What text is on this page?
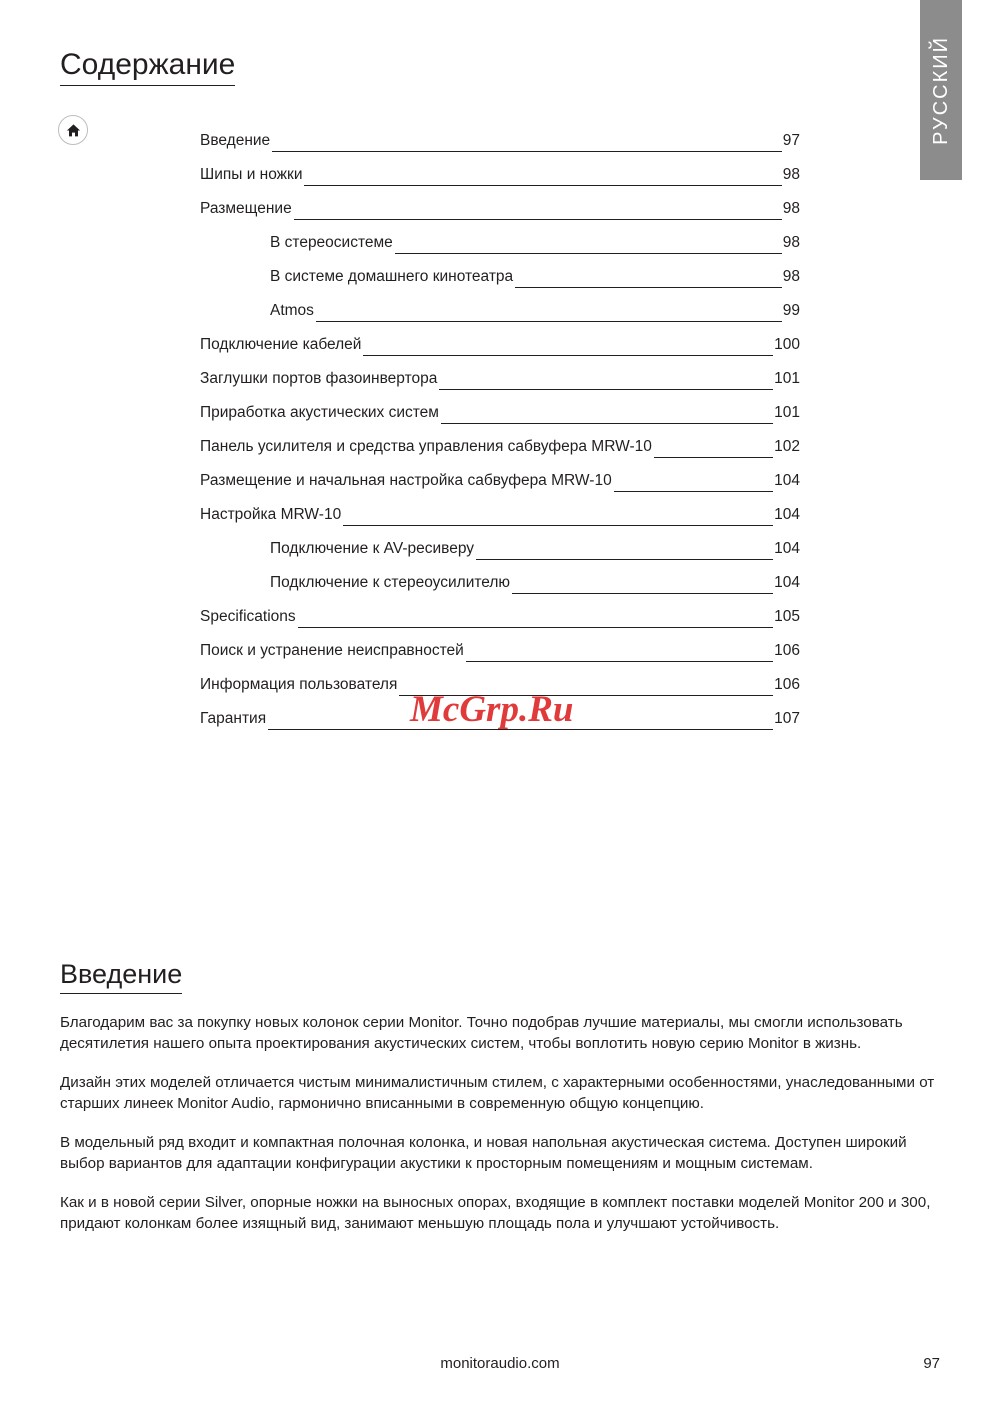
РУССКИЙ
Содержание
Введение	97
Шипы и ножки	98
Размещение	98
В стереосистеме	98
В системе домашнего кинотеатра	98
Atmos	99
Подключение кабелей	100
Заглушки портов фазоинвертора	101
Приработка акустических систем	101
Панель усилителя и средства управления сабвуфера MRW-10	102
Размещение и начальная настройка сабвуфера MRW-10	104
Настройка MRW-10	104
Подключение к AV-ресиверу	104
Подключение к стереоусилителю	104
Specifications	105
Поиск и устранение неисправностей	106
Информация пользователя	106
Гарантия	107
McGrp.Ru
Введение

Благодарим вас за покупку новых колонок серии Monitor. Точно подобрав лучшие материалы, мы смогли использовать десятилетия нашего опыта проектирования акустических систем, чтобы воплотить новую серию Monitor в жизнь.

Дизайн этих моделей отличается чистым минималистичным стилем, с характерными особенностями, унаследованными от старших линеек Monitor Audio, гармонично вписанными в современную общую концепцию.

В модельный ряд входит и компактная полочная колонка, и новая напольная акустическая система. Доступен широкий выбор вариантов для адаптации конфигурации акустики к просторным помещениям и мощным системам.

Как и в новой серии Silver, опорные ножки на выносных опорах, входящие в комплект поставки моделей Monitor 200 и 300, придают колонкам более изящный вид, занимают меньшую площадь пола и улучшают устойчивость.

monitoraudio.com	97
